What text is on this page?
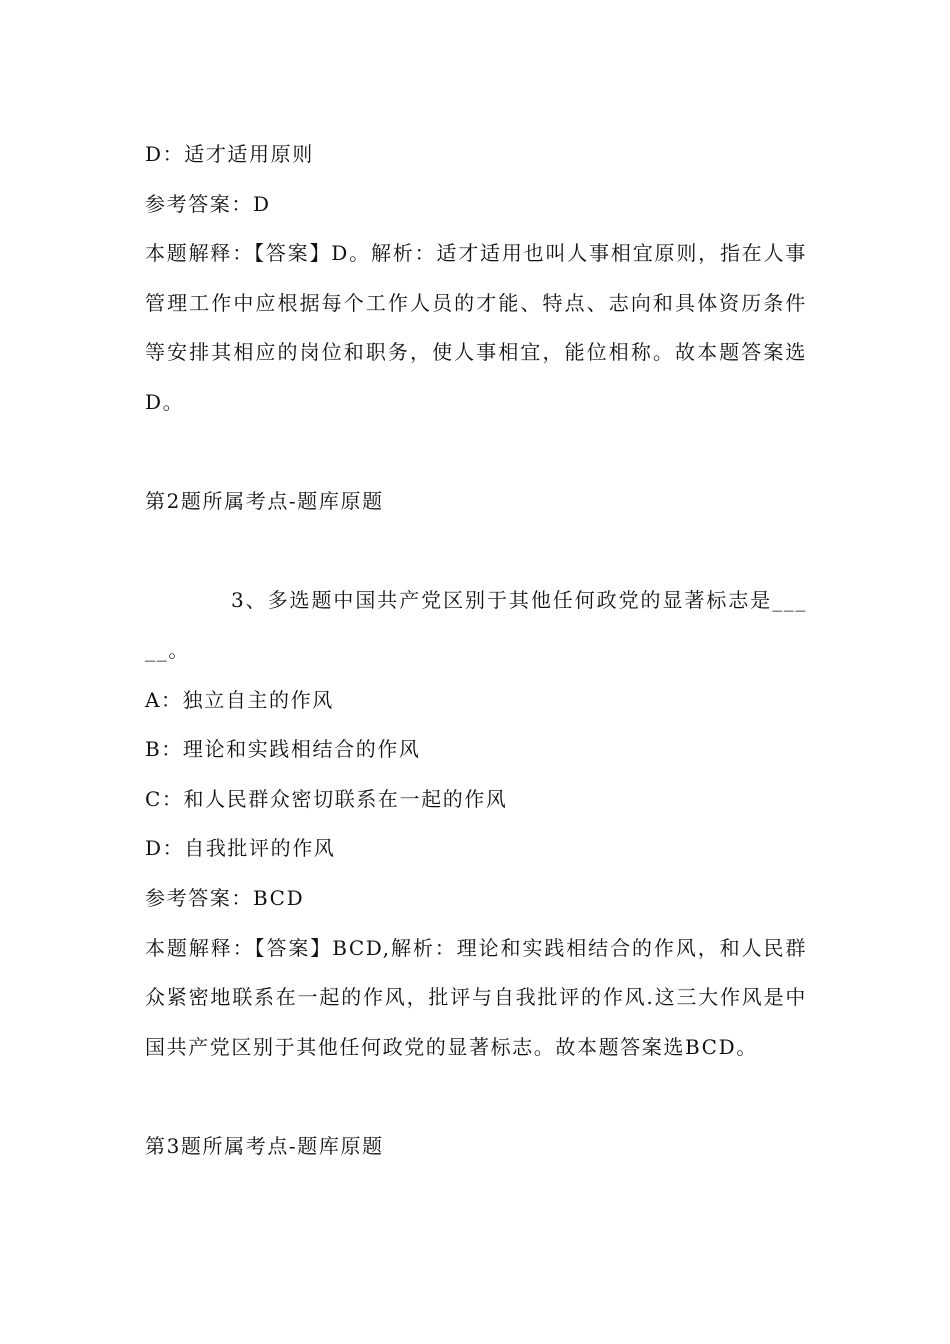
D：适才适用原则
参考答案：D
本题解释：【答案】D。解析：适才适用也叫人事相宜原则，指在人事管理工作中应根据每个工作人员的才能、特点、志向和具体资历条件等安排其相应的岗位和职务，使人事相宜，能位相称。故本题答案选D。
第2题所属考点-题库原题
3、多选题中国共产党区别于其他任何政党的显著标志是_____。
A：独立自主的作风
B：理论和实践相结合的作风
C：和人民群众密切联系在一起的作风
D：自我批评的作风
参考答案：BCD
本题解释：【答案】BCD,解析：理论和实践相结合的作风，和人民群众紧密地联系在一起的作风，批评与自我批评的作风.这三大作风是中国共产党区别于其他任何政党的显著标志。故本题答案选BCD。
第3题所属考点-题库原题
